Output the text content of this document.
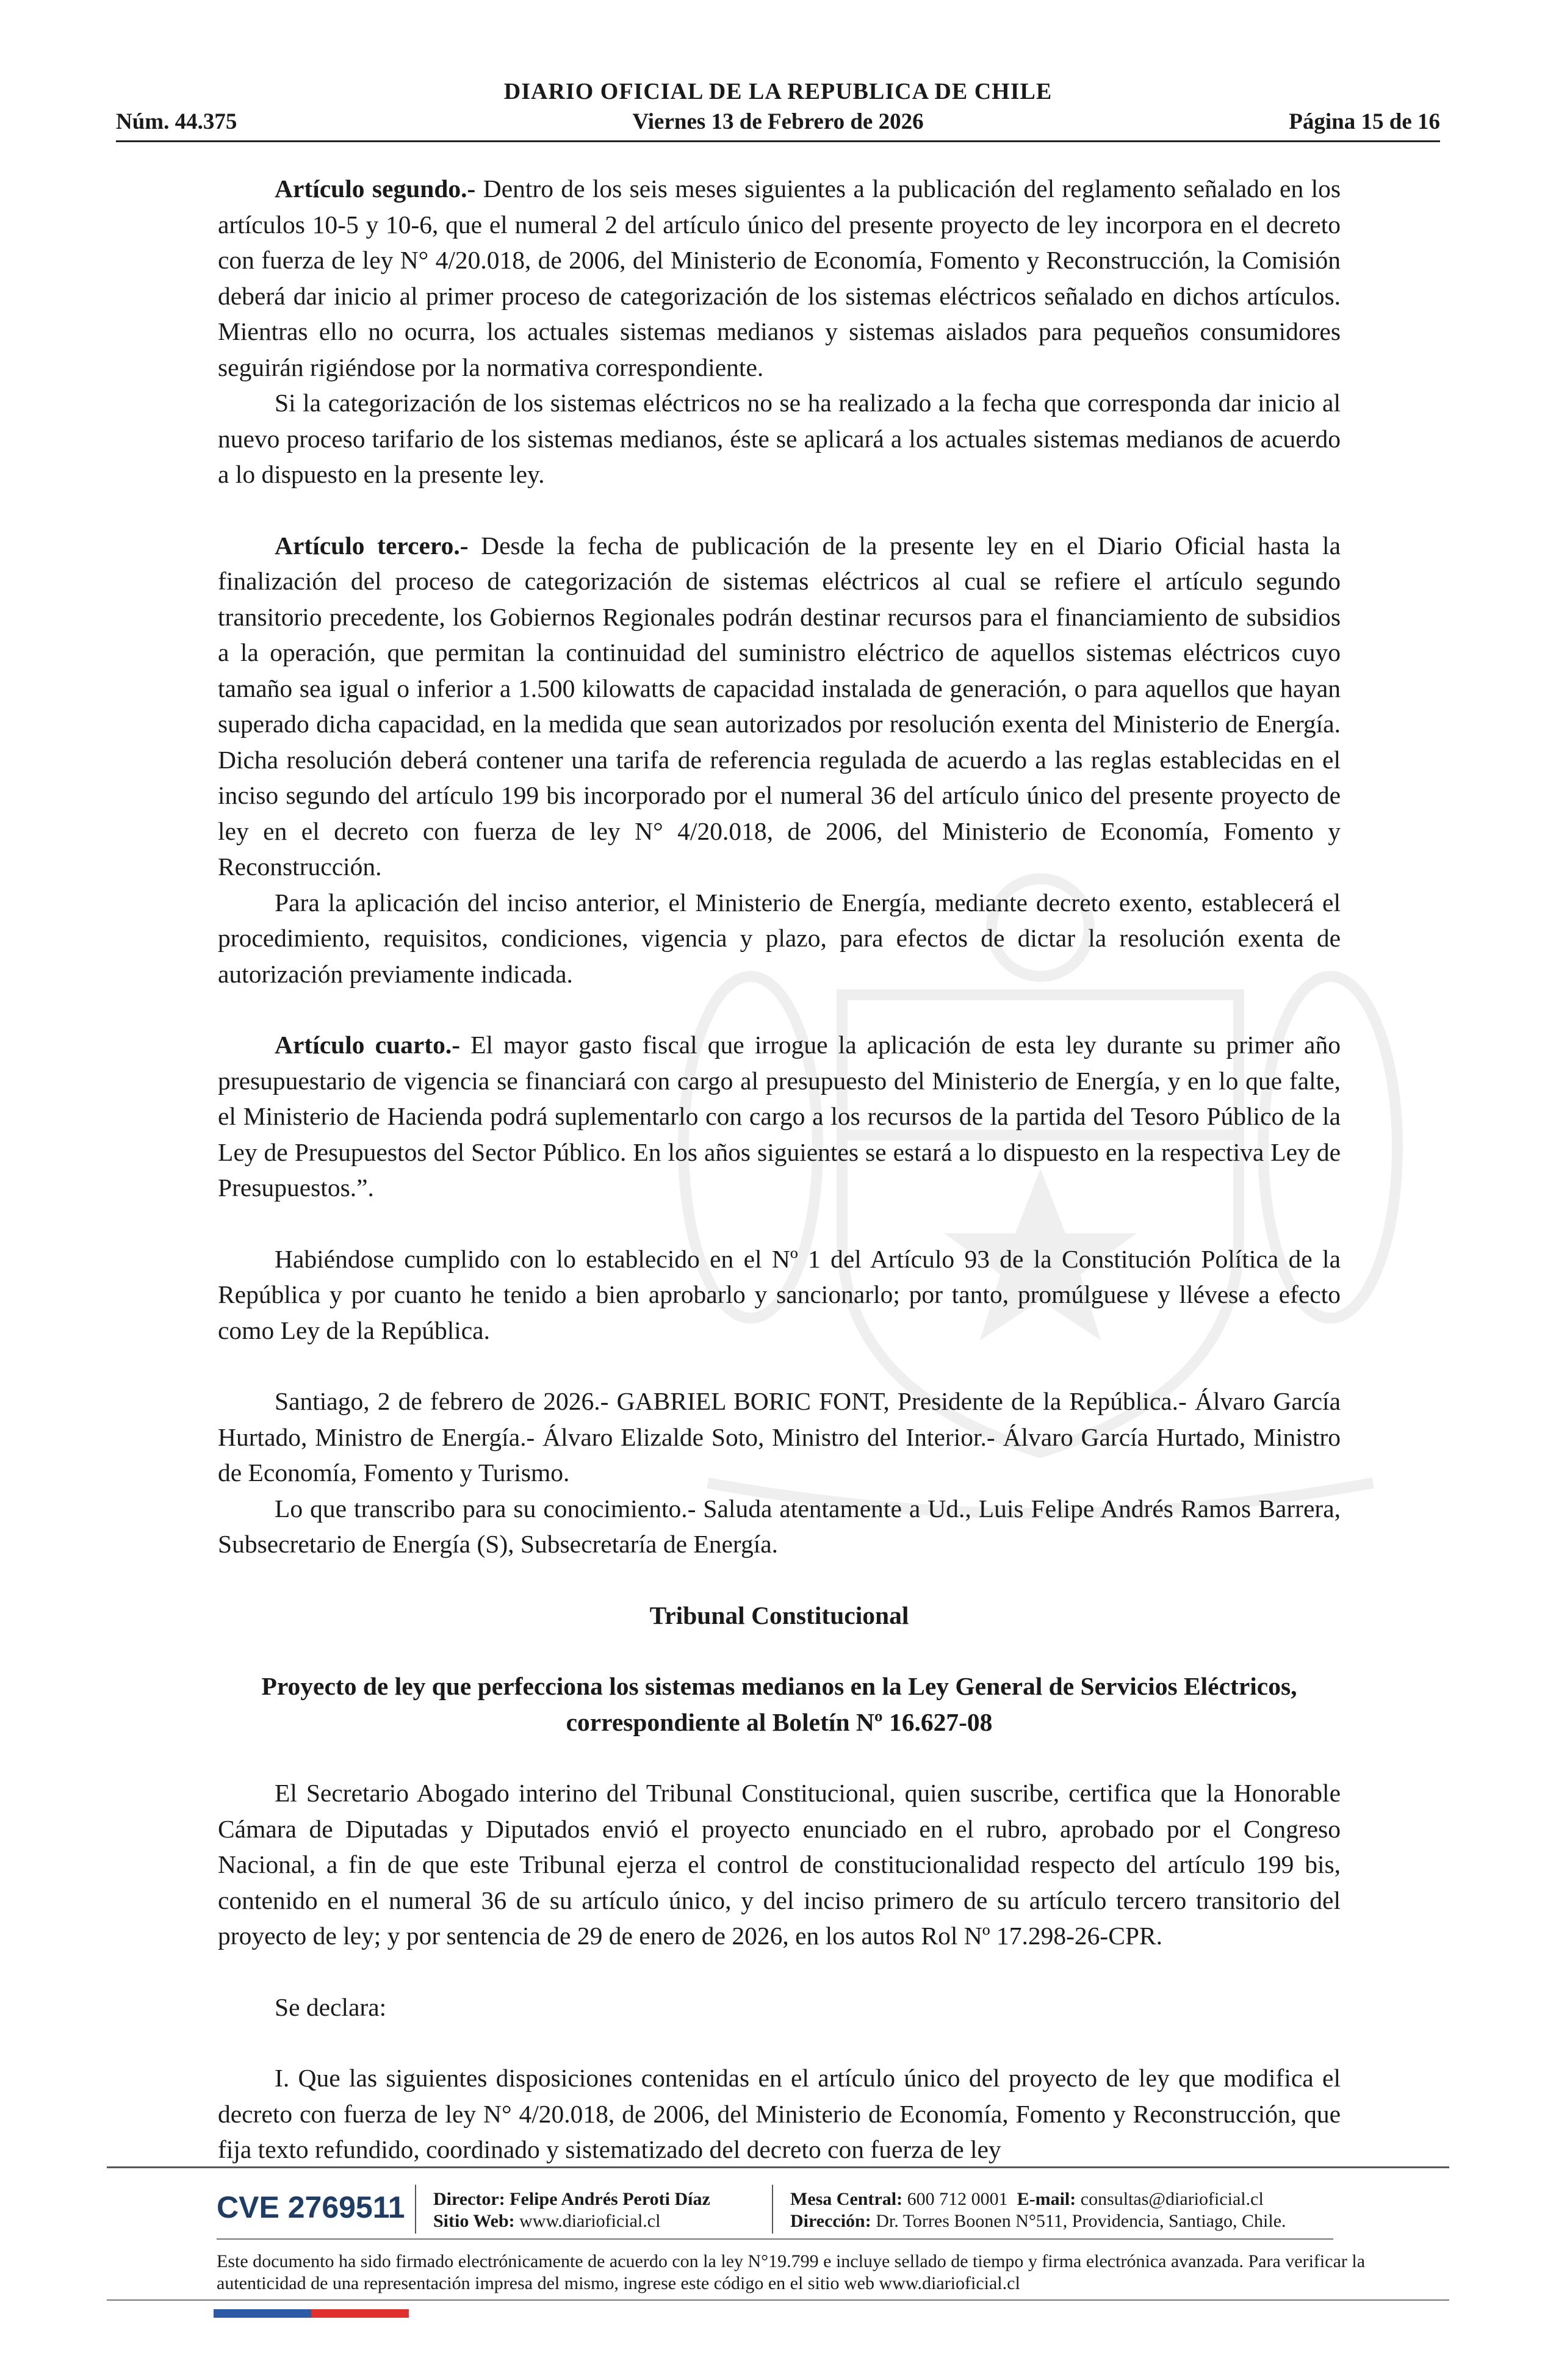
DIARIO OFICIAL DE LA REPUBLICA DE CHILE
Núm. 44.375	Viernes 13 de Febrero de 2026	Página 15 de 16

Artículo segundo.- Dentro de los seis meses siguientes a la publicación del reglamento señalado en los artículos 10-5 y 10-6, que el numeral 2 del artículo único del presente proyecto de ley incorpora en el decreto con fuerza de ley N° 4/20.018, de 2006, del Ministerio de Economía, Fomento y Reconstrucción, la Comisión deberá dar inicio al primer proceso de categorización de los sistemas eléctricos señalado en dichos artículos. Mientras ello no ocurra, los actuales sistemas medianos y sistemas aislados para pequeños consumidores seguirán rigiéndose por la normativa correspondiente.

Si la categorización de los sistemas eléctricos no se ha realizado a la fecha que corresponda dar inicio al nuevo proceso tarifario de los sistemas medianos, éste se aplicará a los actuales sistemas medianos de acuerdo a lo dispuesto en la presente ley.

Artículo tercero.- Desde la fecha de publicación de la presente ley en el Diario Oficial hasta la finalización del proceso de categorización de sistemas eléctricos al cual se refiere el artículo segundo transitorio precedente, los Gobiernos Regionales podrán destinar recursos para el financiamiento de subsidios a la operación, que permitan la continuidad del suministro eléctrico de aquellos sistemas eléctricos cuyo tamaño sea igual o inferior a 1.500 kilowatts de capacidad instalada de generación, o para aquellos que hayan superado dicha capacidad, en la medida que sean autorizados por resolución exenta del Ministerio de Energía. Dicha resolución deberá contener una tarifa de referencia regulada de acuerdo a las reglas establecidas en el inciso segundo del artículo 199 bis incorporado por el numeral 36 del artículo único del presente proyecto de ley en el decreto con fuerza de ley N° 4/20.018, de 2006, del Ministerio de Economía, Fomento y Reconstrucción.

Para la aplicación del inciso anterior, el Ministerio de Energía, mediante decreto exento, establecerá el procedimiento, requisitos, condiciones, vigencia y plazo, para efectos de dictar la resolución exenta de autorización previamente indicada.

Artículo cuarto.- El mayor gasto fiscal que irrogue la aplicación de esta ley durante su primer año presupuestario de vigencia se financiará con cargo al presupuesto del Ministerio de Energía, y en lo que falte, el Ministerio de Hacienda podrá suplementarlo con cargo a los recursos de la partida del Tesoro Público de la Ley de Presupuestos del Sector Público. En los años siguientes se estará a lo dispuesto en la respectiva Ley de Presupuestos.”.

Habiéndose cumplido con lo establecido en el Nº 1 del Artículo 93 de la Constitución Política de la República y por cuanto he tenido a bien aprobarlo y sancionarlo; por tanto, promúlguese y llévese a efecto como Ley de la República.

Santiago, 2 de febrero de 2026.- GABRIEL BORIC FONT, Presidente de la República.- Álvaro García Hurtado, Ministro de Energía.- Álvaro Elizalde Soto, Ministro del Interior.- Álvaro García Hurtado, Ministro de Economía, Fomento y Turismo.

Lo que transcribo para su conocimiento.- Saluda atentamente a Ud., Luis Felipe Andrés Ramos Barrera, Subsecretario de Energía (S), Subsecretaría de Energía.

Tribunal Constitucional

Proyecto de ley que perfecciona los sistemas medianos en la Ley General de Servicios Eléctricos, correspondiente al Boletín Nº 16.627-08

El Secretario Abogado interino del Tribunal Constitucional, quien suscribe, certifica que la Honorable Cámara de Diputadas y Diputados envió el proyecto enunciado en el rubro, aprobado por el Congreso Nacional, a fin de que este Tribunal ejerza el control de constitucionalidad respecto del artículo 199 bis, contenido en el numeral 36 de su artículo único, y del inciso primero de su artículo tercero transitorio del proyecto de ley; y por sentencia de 29 de enero de 2026, en los autos Rol Nº 17.298-26-CPR.

Se declara:

I. Que las siguientes disposiciones contenidas en el artículo único del proyecto de ley que modifica el decreto con fuerza de ley N° 4/20.018, de 2006, del Ministerio de Economía, Fomento y Reconstrucción, que fija texto refundido, coordinado y sistematizado del decreto con fuerza de ley

CVE 2769511 Director: Felipe Andrés Peroti Díaz
Sitio Web: www.diarioficial.cl
Mesa Central: 600 712 0001 E-mail: consultas@diarioficial.cl
Dirección: Dr. Torres Boonen N°511, Providencia, Santiago, Chile.
Este documento ha sido firmado electrónicamente de acuerdo con la ley N°19.799 e incluye sellado de tiempo y firma electrónica avanzada. Para verificar la autenticidad de una representación impresa del mismo, ingrese este código en el sitio web www.diarioficial.cl
